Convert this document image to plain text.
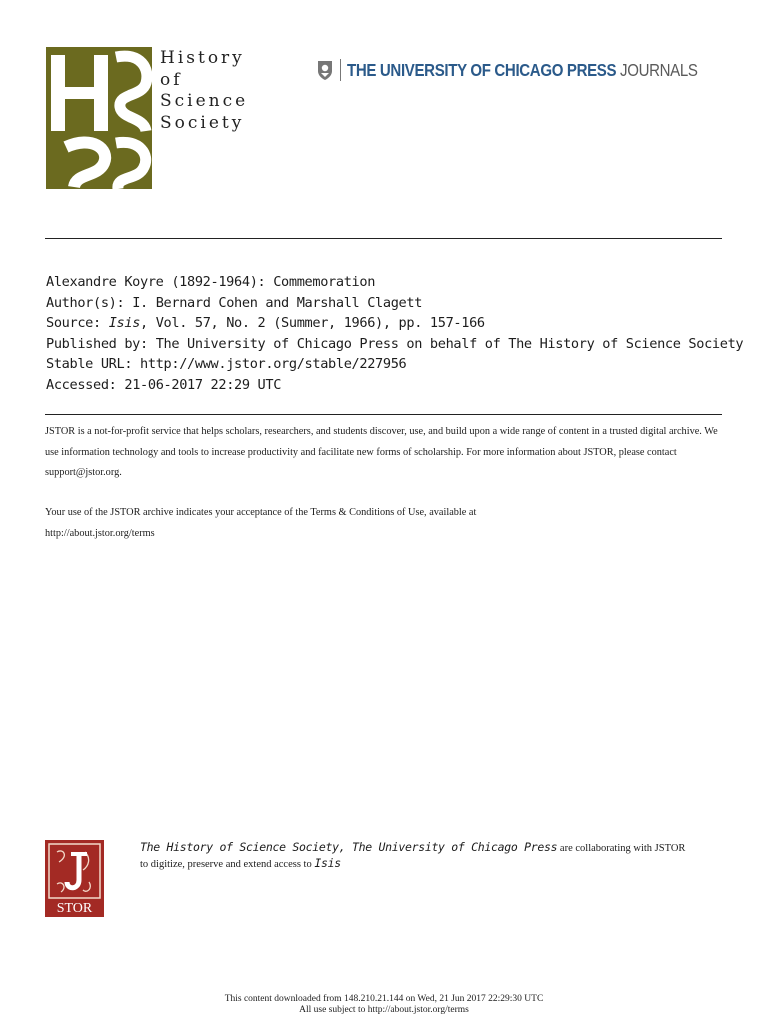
History
of
Science
Society
THE UNIVERSITY OF CHICAGO PRESS JOURNALS
Alexandre Koyre (1892-1964): Commemoration
Author(s): I. Bernard Cohen and Marshall Clagett
Source: Isis, Vol. 57, No. 2 (Summer, 1966), pp. 157-166
Published by: The University of Chicago Press on behalf of The History of Science Society
Stable URL: http://www.jstor.org/stable/227956
Accessed: 21-06-2017 22:29 UTC
JSTOR is a not-for-profit service that helps scholars, researchers, and students discover, use, and build upon a wide range of content in a trusted digital archive. We use information technology and tools to increase productivity and facilitate new forms of scholarship. For more information about JSTOR, please contact support@jstor.org.
Your use of the JSTOR archive indicates your acceptance of the Terms & Conditions of Use, available at
http://about.jstor.org/terms
STOR
The History of Science Society, The University of Chicago Press are collaborating with JSTOR
to digitize, preserve and extend access to Isis
This content downloaded from 148.210.21.144 on Wed, 21 Jun 2017 22:29:30 UTC
All use subject to http://about.jstor.org/terms
